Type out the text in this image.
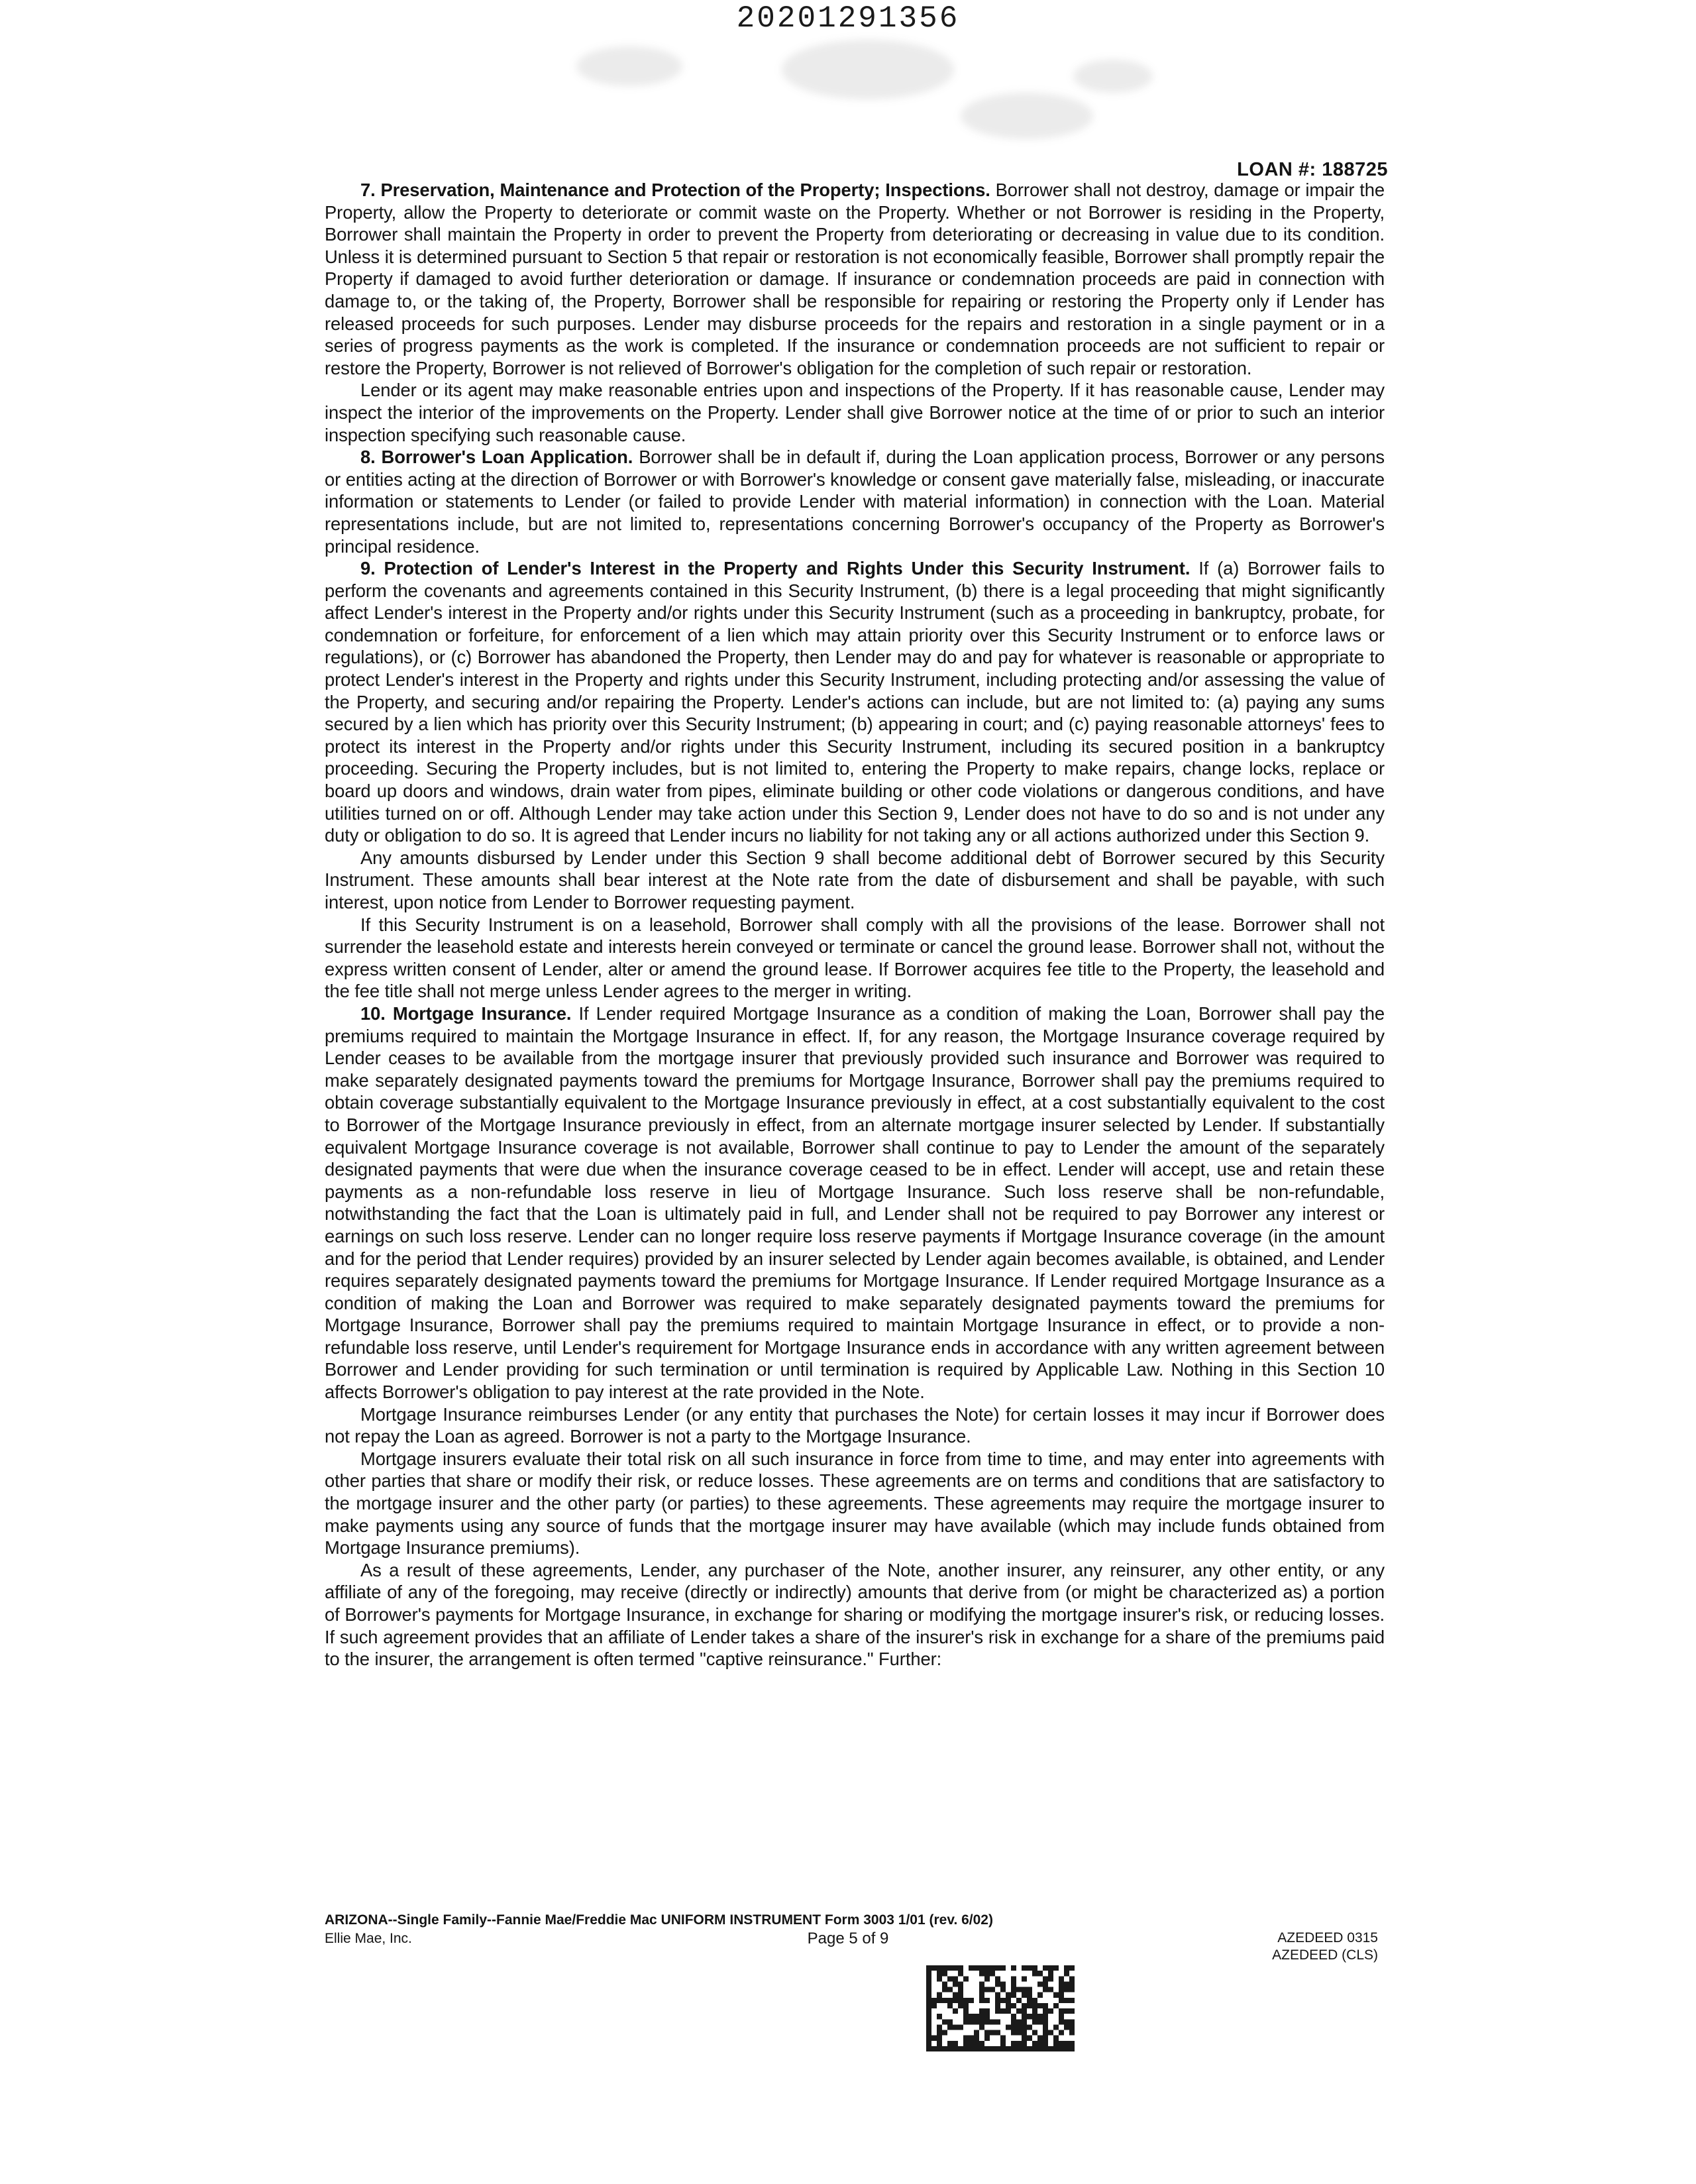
20201291356
LOAN #: 188725

7. Preservation, Maintenance and Protection of the Property; Inspections. Borrower shall not destroy, damage or impair the Property, allow the Property to deteriorate or commit waste on the Property. Whether or not Borrower is residing in the Property, Borrower shall maintain the Property in order to prevent the Property from deteriorating or decreasing in value due to its condition. Unless it is determined pursuant to Section 5 that repair or restoration is not economically feasible, Borrower shall promptly repair the Property if damaged to avoid further deterioration or damage. If insurance or condemnation proceeds are paid in connection with damage to, or the taking of, the Property, Borrower shall be responsible for repairing or restoring the Property only if Lender has released proceeds for such purposes. Lender may disburse proceeds for the repairs and restoration in a single payment or in a series of progress payments as the work is completed. If the insurance or condemnation proceeds are not sufficient to repair or restore the Property, Borrower is not relieved of Borrower's obligation for the completion of such repair or restoration.

Lender or its agent may make reasonable entries upon and inspections of the Property. If it has reasonable cause, Lender may inspect the interior of the improvements on the Property. Lender shall give Borrower notice at the time of or prior to such an interior inspection specifying such reasonable cause.

8. Borrower's Loan Application. Borrower shall be in default if, during the Loan application process, Borrower or any persons or entities acting at the direction of Borrower or with Borrower's knowledge or consent gave materially false, misleading, or inaccurate information or statements to Lender (or failed to provide Lender with material information) in connection with the Loan. Material representations include, but are not limited to, representations concerning Borrower's occupancy of the Property as Borrower's principal residence.

9. Protection of Lender's Interest in the Property and Rights Under this Security Instrument. If (a) Borrower fails to perform the covenants and agreements contained in this Security Instrument, (b) there is a legal proceeding that might significantly affect Lender's interest in the Property and/or rights under this Security Instrument (such as a proceeding in bankruptcy, probate, for condemnation or forfeiture, for enforcement of a lien which may attain priority over this Security Instrument or to enforce laws or regulations), or (c) Borrower has abandoned the Property, then Lender may do and pay for whatever is reasonable or appropriate to protect Lender's interest in the Property and rights under this Security Instrument, including protecting and/or assessing the value of the Property, and securing and/or repairing the Property. Lender's actions can include, but are not limited to: (a) paying any sums secured by a lien which has priority over this Security Instrument; (b) appearing in court; and (c) paying reasonable attorneys' fees to protect its interest in the Property and/or rights under this Security Instrument, including its secured position in a bankruptcy proceeding. Securing the Property includes, but is not limited to, entering the Property to make repairs, change locks, replace or board up doors and windows, drain water from pipes, eliminate building or other code violations or dangerous conditions, and have utilities turned on or off. Although Lender may take action under this Section 9, Lender does not have to do so and is not under any duty or obligation to do so. It is agreed that Lender incurs no liability for not taking any or all actions authorized under this Section 9.

Any amounts disbursed by Lender under this Section 9 shall become additional debt of Borrower secured by this Security Instrument. These amounts shall bear interest at the Note rate from the date of disbursement and shall be payable, with such interest, upon notice from Lender to Borrower requesting payment.

If this Security Instrument is on a leasehold, Borrower shall comply with all the provisions of the lease. Borrower shall not surrender the leasehold estate and interests herein conveyed or terminate or cancel the ground lease. Borrower shall not, without the express written consent of Lender, alter or amend the ground lease. If Borrower acquires fee title to the Property, the leasehold and the fee title shall not merge unless Lender agrees to the merger in writing.

10. Mortgage Insurance. If Lender required Mortgage Insurance as a condition of making the Loan, Borrower shall pay the premiums required to maintain the Mortgage Insurance in effect. If, for any reason, the Mortgage Insurance coverage required by Lender ceases to be available from the mortgage insurer that previously provided such insurance and Borrower was required to make separately designated payments toward the premiums for Mortgage Insurance, Borrower shall pay the premiums required to obtain coverage substantially equivalent to the Mortgage Insurance previously in effect, at a cost substantially equivalent to the cost to Borrower of the Mortgage Insurance previously in effect, from an alternate mortgage insurer selected by Lender. If substantially equivalent Mortgage Insurance coverage is not available, Borrower shall continue to pay to Lender the amount of the separately designated payments that were due when the insurance coverage ceased to be in effect. Lender will accept, use and retain these payments as a non-refundable loss reserve in lieu of Mortgage Insurance. Such loss reserve shall be non-refundable, notwithstanding the fact that the Loan is ultimately paid in full, and Lender shall not be required to pay Borrower any interest or earnings on such loss reserve. Lender can no longer require loss reserve payments if Mortgage Insurance coverage (in the amount and for the period that Lender requires) provided by an insurer selected by Lender again becomes available, is obtained, and Lender requires separately designated payments toward the premiums for Mortgage Insurance. If Lender required Mortgage Insurance as a condition of making the Loan and Borrower was required to make separately designated payments toward the premiums for Mortgage Insurance, Borrower shall pay the premiums required to maintain Mortgage Insurance in effect, or to provide a non-refundable loss reserve, until Lender's requirement for Mortgage Insurance ends in accordance with any written agreement between Borrower and Lender providing for such termination or until termination is required by Applicable Law. Nothing in this Section 10 affects Borrower's obligation to pay interest at the rate provided in the Note.

Mortgage Insurance reimburses Lender (or any entity that purchases the Note) for certain losses it may incur if Borrower does not repay the Loan as agreed. Borrower is not a party to the Mortgage Insurance.

Mortgage insurers evaluate their total risk on all such insurance in force from time to time, and may enter into agreements with other parties that share or modify their risk, or reduce losses. These agreements are on terms and conditions that are satisfactory to the mortgage insurer and the other party (or parties) to these agreements. These agreements may require the mortgage insurer to make payments using any source of funds that the mortgage insurer may have available (which may include funds obtained from Mortgage Insurance premiums).

As a result of these agreements, Lender, any purchaser of the Note, another insurer, any reinsurer, any other entity, or any affiliate of any of the foregoing, may receive (directly or indirectly) amounts that derive from (or might be characterized as) a portion of Borrower's payments for Mortgage Insurance, in exchange for sharing or modifying the mortgage insurer's risk, or reducing losses. If such agreement provides that an affiliate of Lender takes a share of the insurer's risk in exchange for a share of the premiums paid to the insurer, the arrangement is often termed "captive reinsurance." Further:

ARIZONA--Single Family--Fannie Mae/Freddie Mac UNIFORM INSTRUMENT Form 3003 1/01 (rev. 6/02)
Ellie Mae, Inc.	Page 5 of 9	AZEDEED 0315
AZEDEED (CLS)
